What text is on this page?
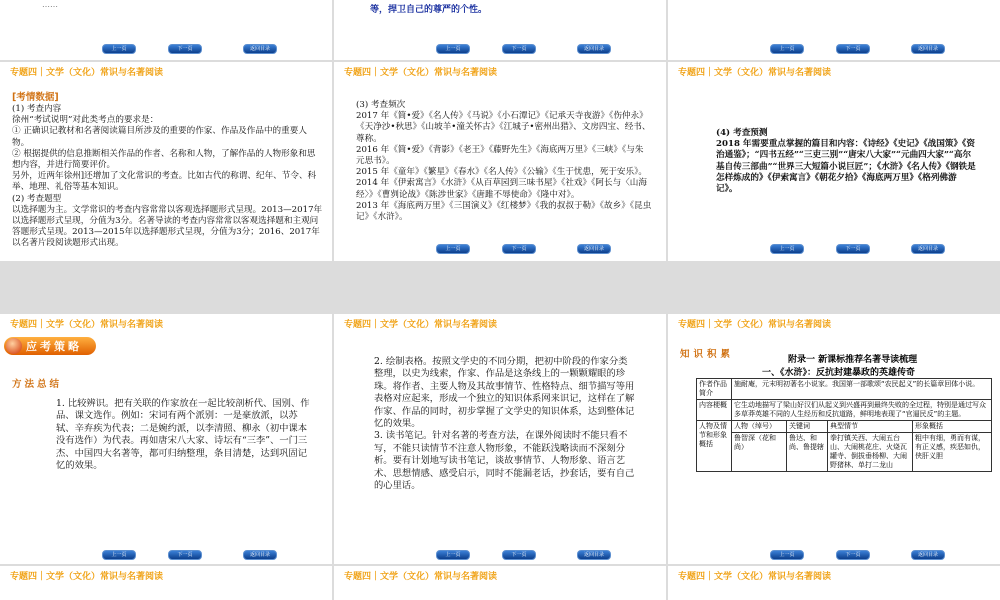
……
上一页	下一页	返回目录
等，捍卫自己的尊严的个性。
上一页	下一页	返回目录	上一页	下一页	返回目录
专题四｜文学（文化）常识与名著阅读
[考情数据]
(1) 考查内容
徐州“考试说明”对此类考点的要求是：
① 正确识记教材和名著阅读篇目所涉及的重要的作家、作品及作品中的重要人物。
② 根据提供的信息推断相关作品的作者、名称和人物，了解作品的人物形象和思想内容，并进行简要评价。
另外，近两年徐州]还增加了文化常识的考查。比如古代的称谓、纪年、节令、科举、地理、礼俗等基本知识。
(2) 考查题型
以选择题为主。文学常识的考查内容常常以客观选择题形式呈现。2013—2017年以选择题形式呈现，分值为3分。名著导读的考查内容常常以客观选择题和主观问答题形式呈现。2013—2015年以选择题形式呈现，分值为3分；2016、2017年以名著片段阅读题形式出现。
专题四｜文学（文化）常识与名著阅读
(3) 考查频次
2017 年《简•爱》《名人传》《马说》《小石潭记》《记承天寺夜游》《伤仲永》《天净沙•秋思》《山坡羊•潼关怀古》《江城子•密州出猎》、文房四宝、经书、尊称。
2016 年《简•爱》《背影》《老王》《藤野先生》《海底两万里》《三峡》《与朱元思书》。
2015 年《童年》《繁星》《春水》《名人传》《公输》《生于忧患，死于安乐》。
2014 年《伊索寓言》《水浒》《从百草园到三味书屋》《社戏》《阿长与〈山海经〉》《曹刿论战》《陈涉世家》《唐雎不辱使命》《隆中对》。
2013 年《海底两万里》《三国演义》《红楼梦》《我的叔叔于勒》《故乡》《昆虫记》《水浒》。
上一页	下一页	返回目录
专题四｜文学（文化）常识与名著阅读
(4) 考查预测
2018 年需要重点掌握的篇目和内容：《诗经》《史记》《战国策》《资治通鉴》；“四书五经”“三吏三别”“唐宋八大家”“元曲四大家”“高尔基自传三部曲”“世界三大短篇小说巨匠”；《水浒》《名人传》《钢铁是怎样炼成的》《伊索寓言》《朝花夕拾》《海底两万里》《格列佛游记》。
上一页	下一页	返回目录
专题四｜文学（文化）常识与名著阅读
应考策略
方法总结
1. 比较辨识。把有关联的作家放在一起比较剖析代、国别、作品、课文选作。例如：宋词有两个派别：一是豪放派，以苏轼、辛弃疾为代表；二是婉约派，以李清照、柳永（初中课本没有选作）为代表。再如唐宋八大家、诗坛有“三李”、一门三杰、中国四大名著等，都可归纳整理，条目清楚，达到巩固记忆的效果。
上一页	下一页	返回目录
专题四｜文学（文化）常识与名著阅读
2. 绘制表格。按照文学史的不同分期，把初中阶段的作家分类整理，以史为线索，作家、作品是这条线上的一颗颗耀眼的珍珠。将作者、主要人物及其故事情节、性格特点、细节描写等用表格对应起来，形成一个独立的知识体系网来识记，这样在了解作家、作品的同时，初步掌握了文学史的知识体系，达到整体记忆的效果。
3. 读书笔记。针对名著的考查方法，在课外阅读时不能只看不写，不能只读情节不注意人物形象，不能跃浅略读而不深刻分析。要有计划地写读书笔记，谈故事情节、人物形象、语言艺术、思想情感、感受启示，同时不能漏老话，抄套话，要有自己的心里话。
上一页	下一页	返回目录
专题四｜文学（文化）常识与名著阅读
知识积累	附录一 新课标推荐名著导读梳理
一、《水浒》：反抗封建暴政的英雄传奇
作者作品简介	施耐庵，元末明初著名小说家。我国第一部歌颂“农民起义”的长篇章回体小说。			
内容梗概	它生动地描写了梁山好汉们从起义到兴盛再到最终失败的全过程，特别是通过写众多草莽英雄不同的人生经历和反抗道路，鲜明地表现了“官逼民反”的主题。			
人物及情节和形象概括	人物（绰号）	关键词	典型情节	形象概括
	鲁智深（花和尚）	鲁达、和尚、鲁提辖	拳打镇关西、大闹五台山、大闹桃花庄、火烧瓦罐寺、倒拔垂杨柳、大闹野猪林、单打二龙山	粗中有细，勇而有谋，有正义感，疾恶如仇，侠肝义胆
上一页	下一页	返回目录
专题四｜文学（文化）常识与名著阅读	专题四｜文学（文化）常识与名著阅读	专题四｜文学（文化）常识与名著阅读
